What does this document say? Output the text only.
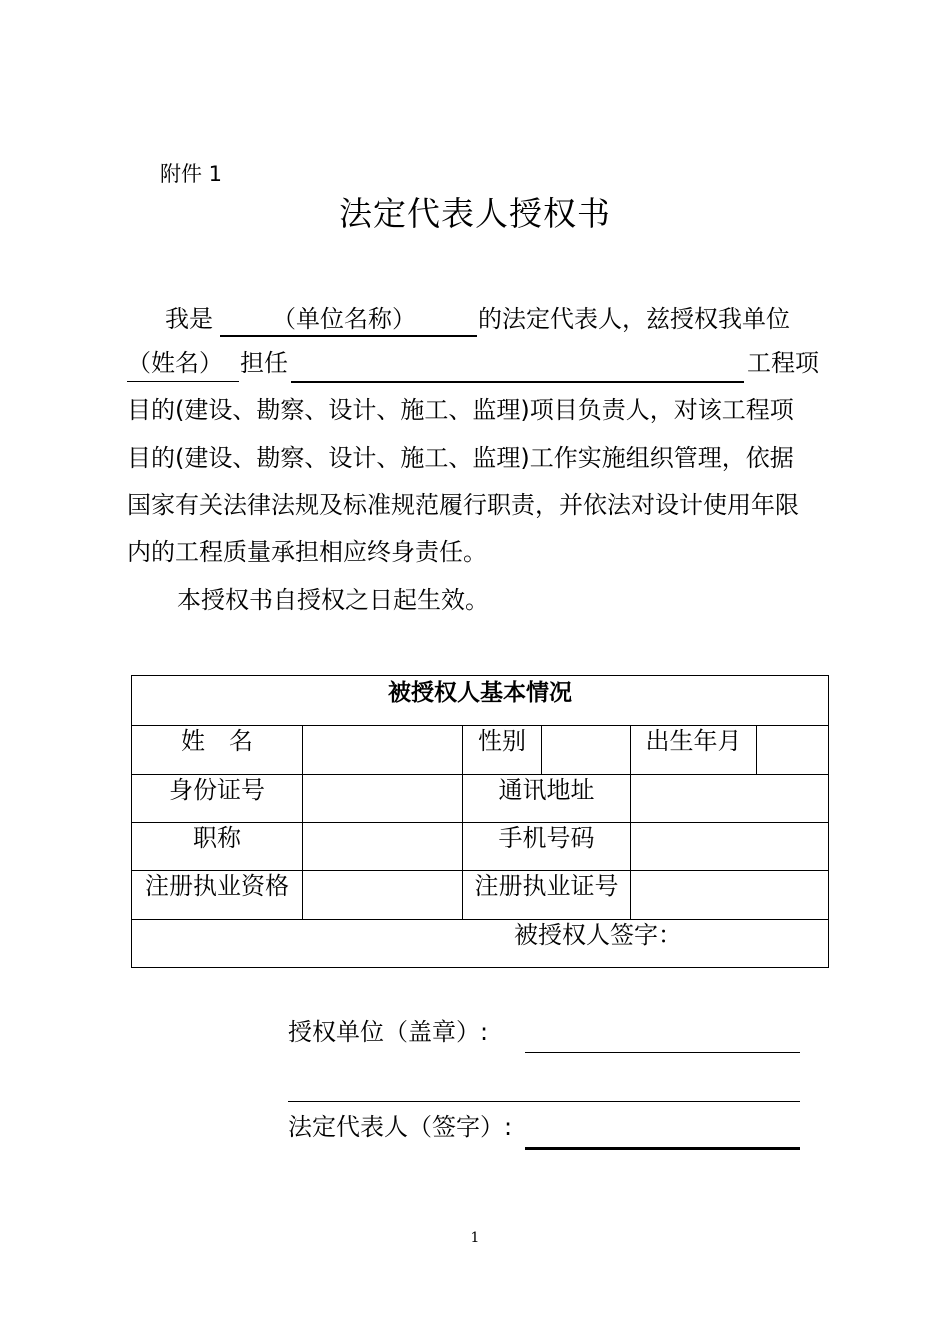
附件 1
法定代表人授权书
我是 （单位名称）	的法定代表人，兹授权我单位
（姓名） 担任	工程项
目的(建设、勘察、设计、施工、监理)项目负责人，对该工程项
目的(建设、勘察、设计、施工、监理)工作实施组织管理，依据
国家有关法律法规及标准规范履行职责，并依法对设计使用年限
内的工程质量承担相应终身责任。
本授权书自授权之日起生效。
被授权人基本情况					
姓　名		性别		出生年月	
身份证号		通讯地址			
职称		手机号码			
注册执业资格		注册执业证号			
被授权人签字：					
授权单位（盖章）:
法定代表人（签字）:
1
